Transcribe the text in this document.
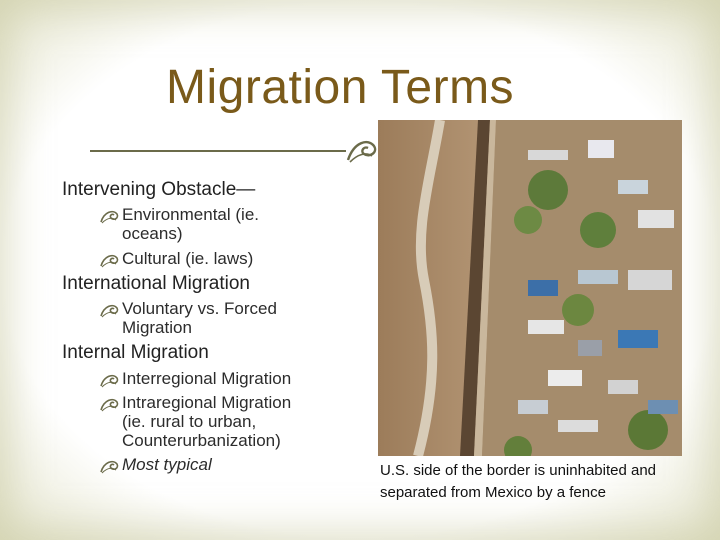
Migration Terms
Intervening Obstacle—
Environmental (ie.
oceans)
Cultural (ie. laws)
International Migration
Voluntary vs. Forced
Migration
Internal Migration
Interregional Migration
Intraregional Migration
(ie. rural to urban,
Counterurbanization)
Most typical	U.S. side of the border is uninhabited and separated from Mexico by a fence
